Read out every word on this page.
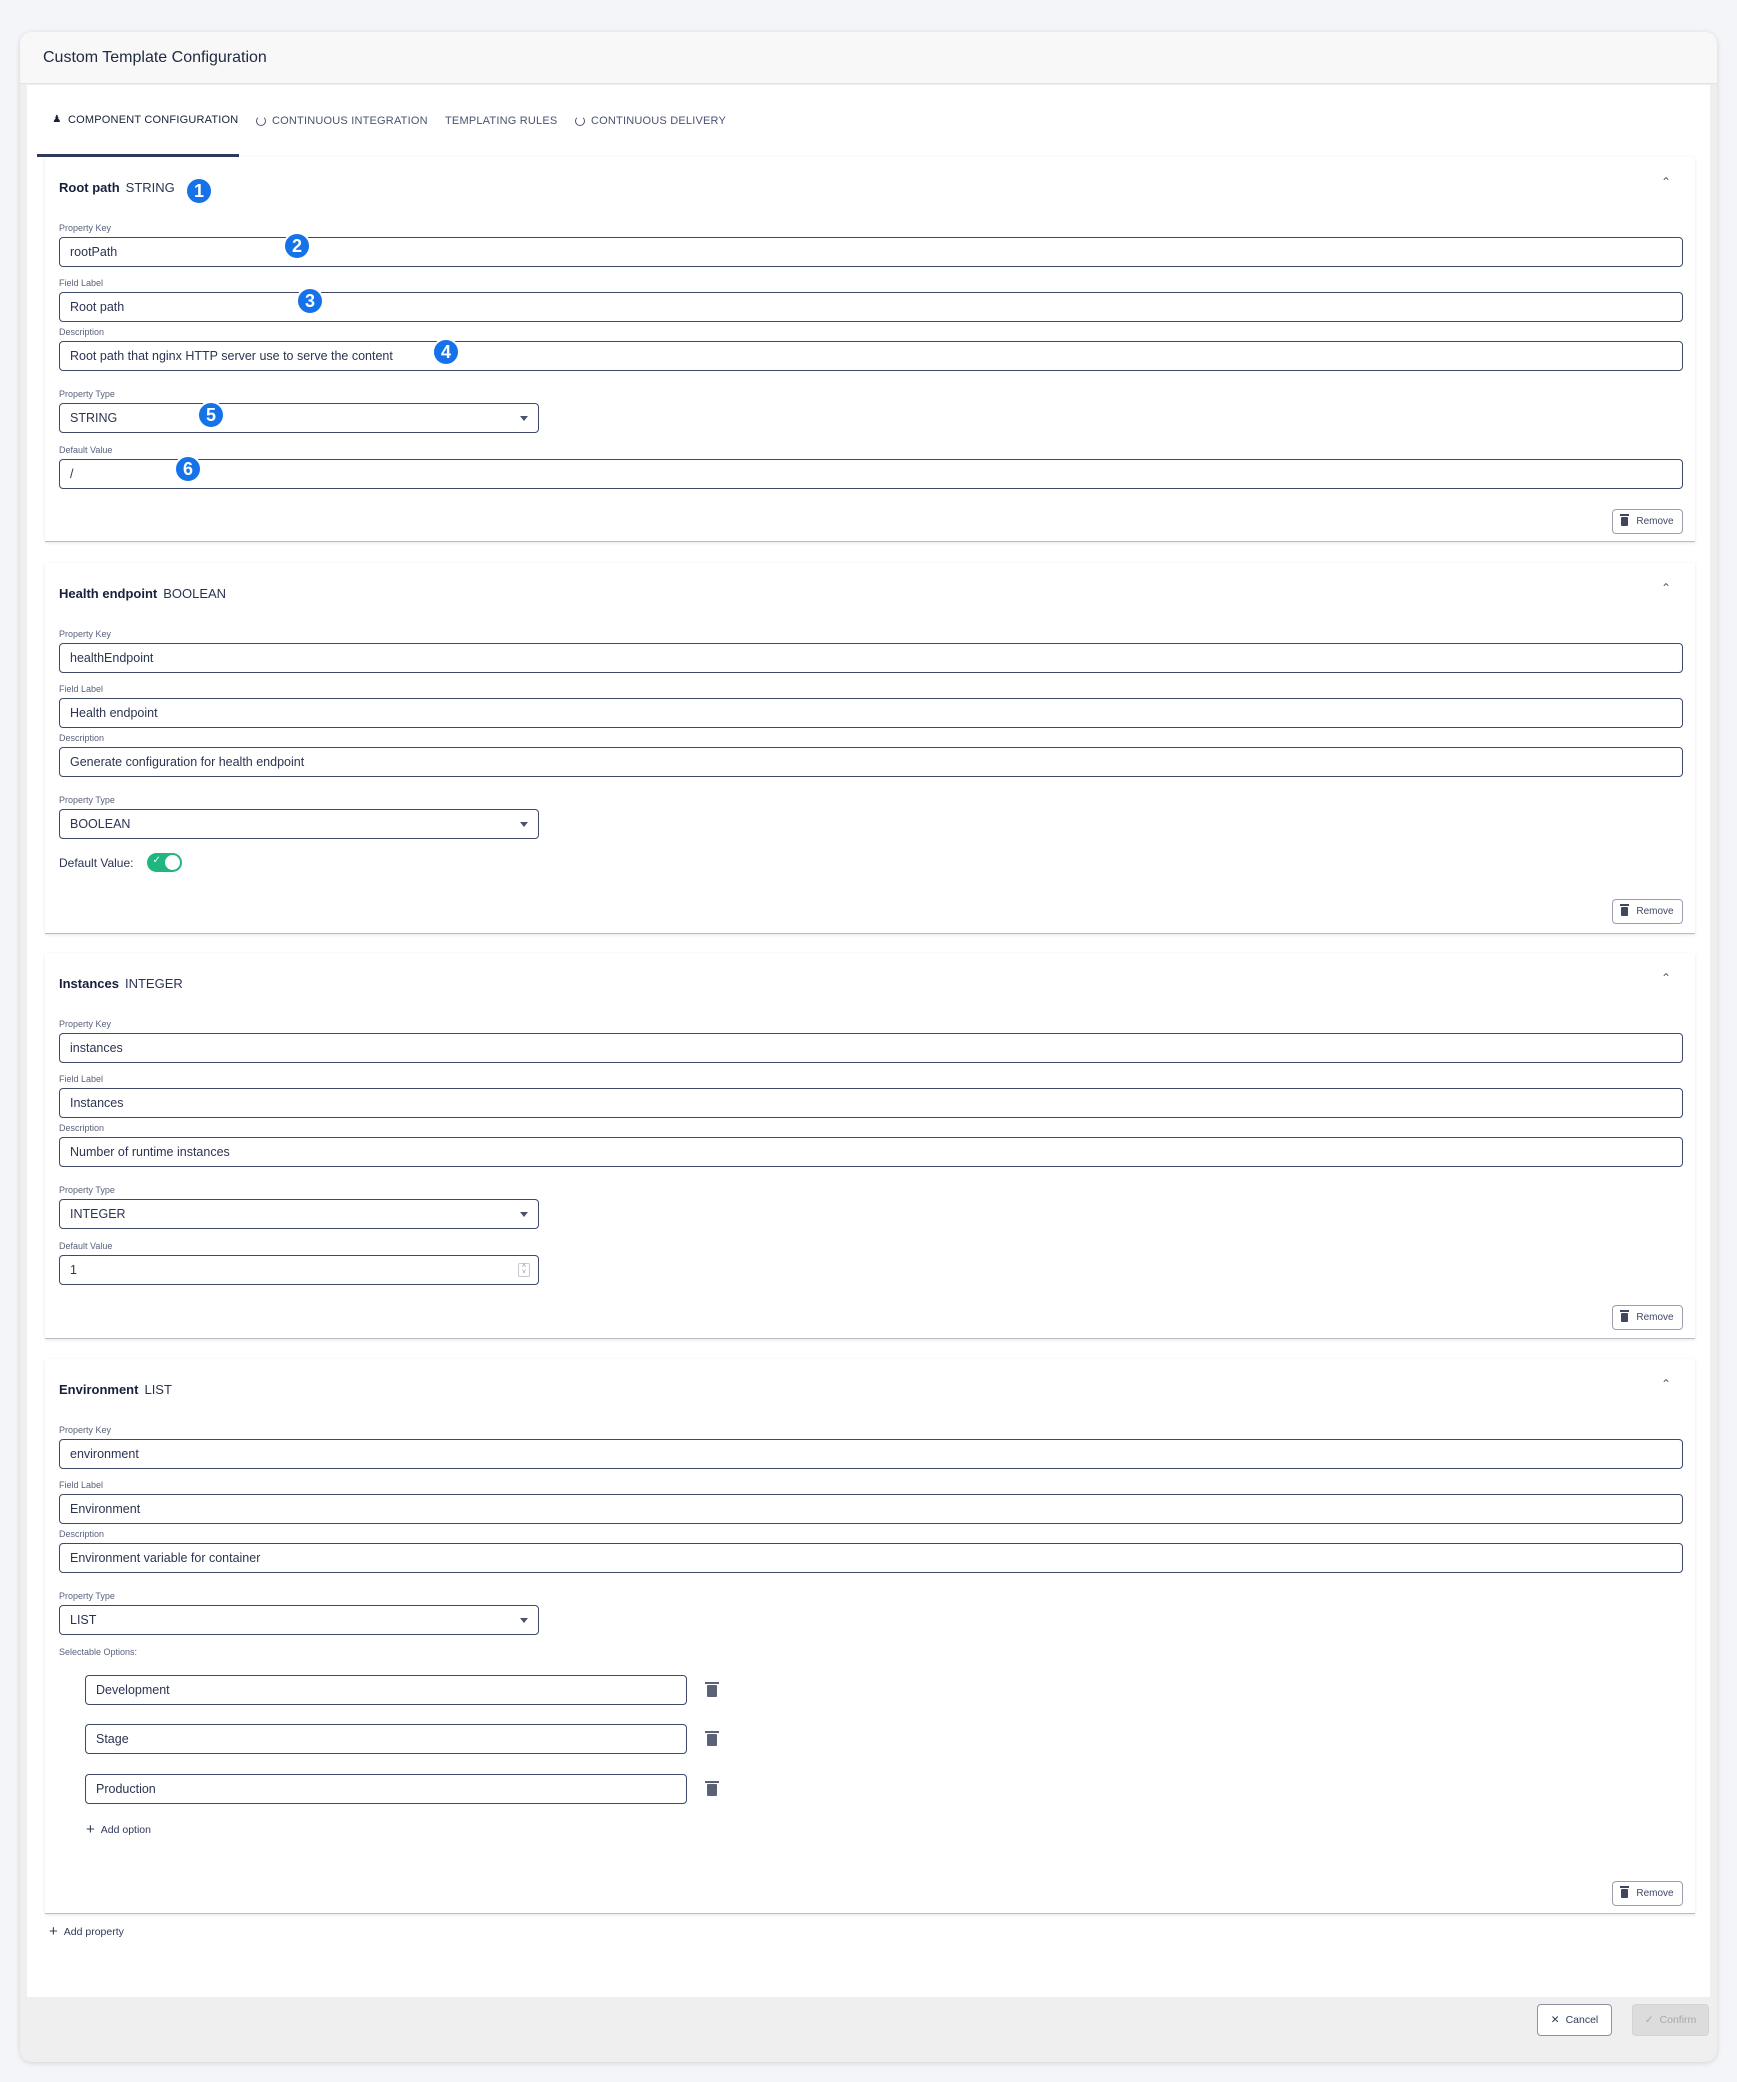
Custom Template Configuration
♟ COMPONENT CONFIGURATION	CONTINUOUS INTEGRATION TEMPLATING RULES	CONTINUOUS DELIVERY
Root path STRING	⌃
Property Key
rootPath
Field Label
Root path
Description
Root path that nginx HTTP server use to serve the content
Property Type
STRING
Default Value
/
Remove
Health endpoint BOOLEAN	⌃
Property Key
healthEndpoint
Field Label
Health endpoint
Description
Generate configuration for health endpoint
Property Type
BOOLEAN
Default Value: ✓
Remove
Instances INTEGER	⌃
Property Key
instances
Field Label
Instances
Description
Number of runtime instances
Property Type
INTEGER
Default Value
1	˄
˅
Remove
Environment LIST	⌃
Property Key
environment
Field Label
Environment
Description
Environment variable for container
Property Type
LIST
Selectable Options:
Development
Stage
Production
+ Add option
Remove
+ Add property
1
2
3
4
5
6
✕ Cancel	✓ Confirm
